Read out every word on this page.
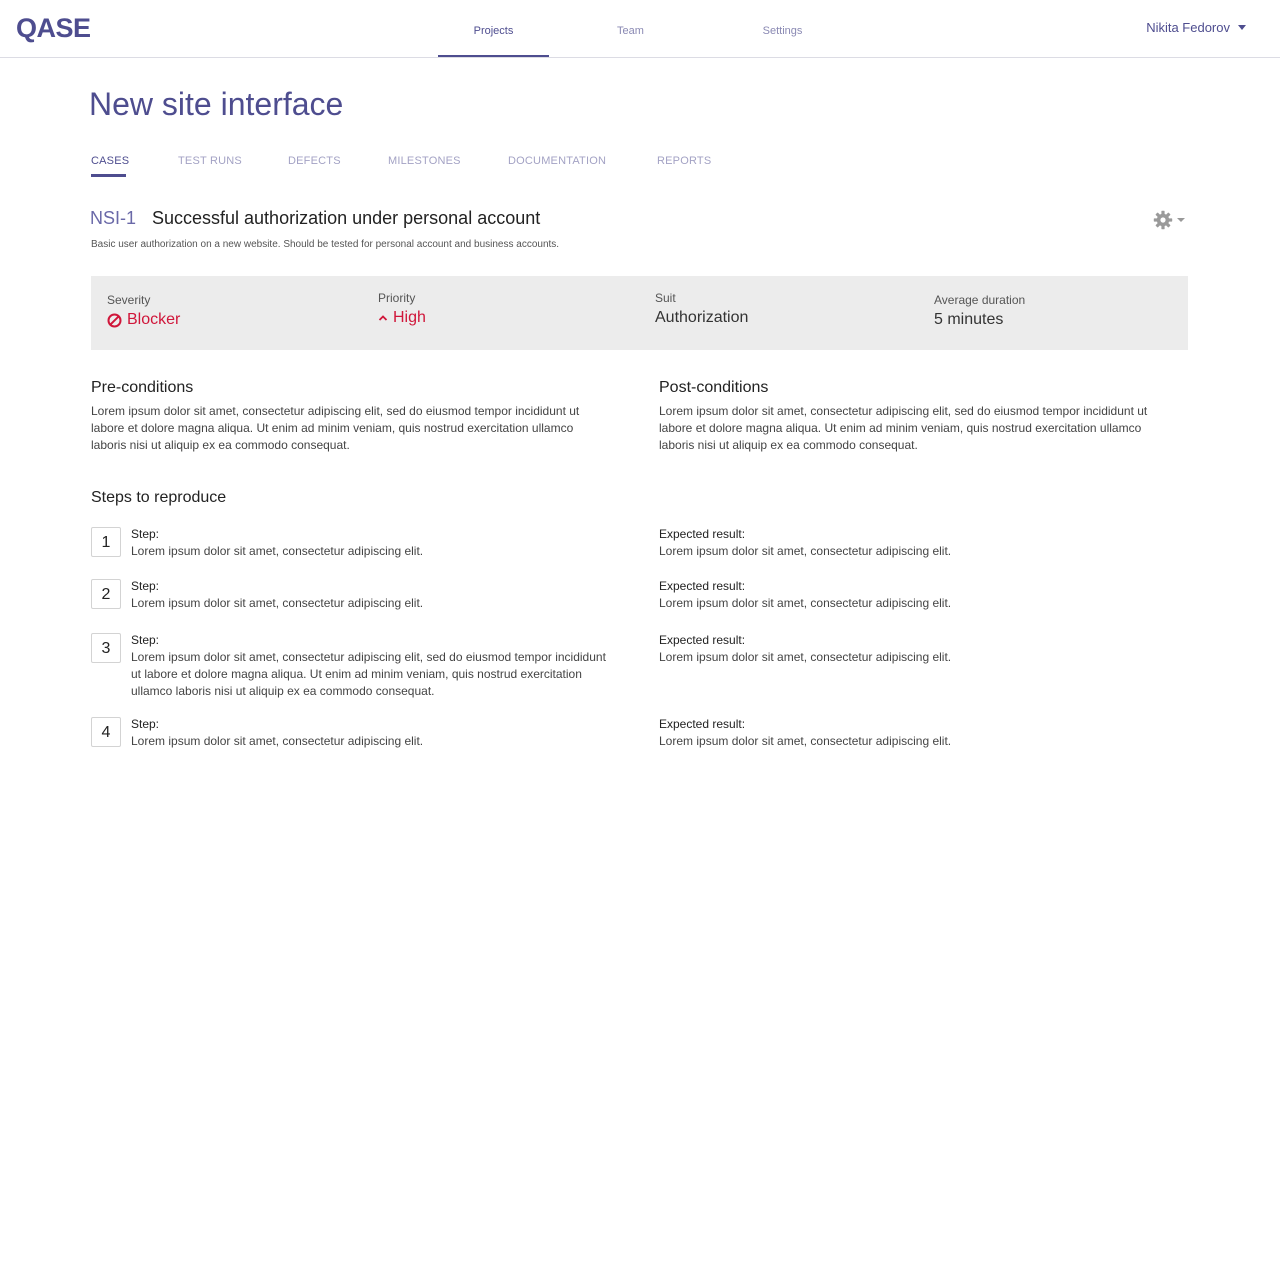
QASE	Projects	Team	Settings	Nikita Fedorov
New site interface
CASES	TEST RUNS	DEFECTS	MILESTONES	DOCUMENTATION	REPORTS
NSI-1 Successful authorization under personal account
Basic user authorization on a new website. Should be tested for personal account and business accounts.
Severity
Blocker
Priority
High
Suit
Authorization
Average duration
5 minutes
Pre-conditions
Lorem ipsum dolor sit amet, consectetur adipiscing elit, sed do eiusmod tempor incididunt ut labore et dolore magna aliqua. Ut enim ad minim veniam, quis nostrud exercitation ullamco laboris nisi ut aliquip ex ea commodo consequat.
Post-conditions
Lorem ipsum dolor sit amet, consectetur adipiscing elit, sed do eiusmod tempor incididunt ut labore et dolore magna aliqua. Ut enim ad minim veniam, quis nostrud exercitation ullamco laboris nisi ut aliquip ex ea commodo consequat.
Steps to reproduce
1	Step:
Lorem ipsum dolor sit amet, consectetur adipiscing elit.
Expected result:
Lorem ipsum dolor sit amet, consectetur adipiscing elit.
2	Step:
Lorem ipsum dolor sit amet, consectetur adipiscing elit.
Expected result:
Lorem ipsum dolor sit amet, consectetur adipiscing elit.
3	Step:
Lorem ipsum dolor sit amet, consectetur adipiscing elit, sed do eiusmod tempor incididunt ut labore et dolore magna aliqua. Ut enim ad minim veniam, quis nostrud exercitation ullamco laboris nisi ut aliquip ex ea commodo consequat.
Expected result:
Lorem ipsum dolor sit amet, consectetur adipiscing elit.
4	Step:
Lorem ipsum dolor sit amet, consectetur adipiscing elit.
Expected result:
Lorem ipsum dolor sit amet, consectetur adipiscing elit.
